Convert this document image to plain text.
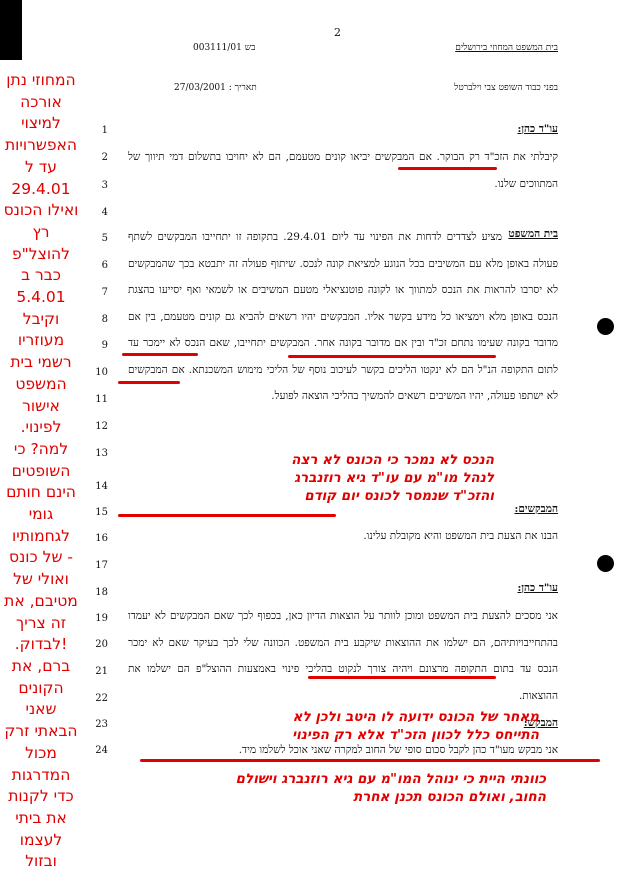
2
בית המשפט המחוזי בירושלים
בש 003111/01
בפני כבוד השופט צבי וילברטל
תאריך : 27/03/2001
המחוזי נתן
אורכה
למיצוי
האפשרויות
עד ל
29.4.01
ואילו הכונס
רץ להוצל"פ
כבר ב
5.4.01
וקיבל
מעוזריו
רשמי בית
המשפט
אישור
לפינוי.
למה? כי
השופטים
הינם חותם
גומי
לגחמותיו
- של כונס
ואולי של
מטיבם, את
זה צריך
!לבדוק.
ברם, את
הקונים שאני
הבאתי זרק
מכול
המדרגות
כדי לקנות
את ביתי
לעצמו ובזול
1
2
3
4
5
6
7
8
9
10
11
12
13
14
15
16
17
18
19
20
21
22
23
24
עו"ד כהן:
קיבלתי את הזכ"ד רק הבוקר. אם המבקשים יביאו קונים מטעמם, הם לא יחויבו בתשלום דמי תיווך של המתווכים שלנו.
בית המשפט
מציע לצדדים לדחות את הפינוי עד ליום 29.4.01. בתקופה זו יתחייבו המבקשים לשתף פעולה באופן מלא עם המשיבים בכל הנוגע למציאת קונה לנכס. שיתוף פעולה זה יתבטא בכך שהמבקשים לא יסרבו להראות את הנכס למתווך או לקונה פוטנציאלי מטעם המשיבים או לשמאי ואף יסייעו בהצגת הנכס באופן מלא וימציאו כל מידע בקשר אליו. המבקשים יהיו רשאים להביא גם קונים מטעמם, בין אם מדובר בקונה שעימו נתחם זכ"ד ובין אם מדובר בקונה אחר. המבקשים יתחייבו, שאם הנכס לא יימכר עד לתום התקופה הנ"ל הם לא ינקטו הליכים בקשר לעיכוב נוסף של הליכי מימוש המשכנתא. אם המבקשים לא ישתפו פעולה, יהיו המשיבים רשאים להמשיך בהליכי הוצאה לפועל.
המבקשים:
הבנו את הצעת בית המשפט והיא מקובלת עלינו.
עו"ד כהן:
אני מסכים להצעת בית המשפט ומוכן לוותר על הוצאות הדיון כאן, בכפוף לכך שאם המבקשים לא יעמדו בהתחייבויותיהם, הם ישלמו את ההוצאות שיקבע בית המשפט. הכוונה שלי לכך בעיקר שאם לא ימכר הנכס עד בתום התקופה מרצונם ויהיה צורך לנקוט בהליכי פינוי באמצעות ההוצל"פ הם ישלמו את ההוצאות.
המבקש:
אני מבקש מעו"ד כהן לקבל סכום סופי של החוב למקרה שאני אוכל לשלמו מיד.
הנכס לא נמכר כי הכונס לא רצה
לנהל מו"מ עם עו"ד גיא רוזנברג
והזכ"ד שנמסר לכונס יום קודם
מאחר של הכונס ידועה לו היטב ולכן לא
התייחס כלל לכוון הזכ"ד אלא רק הפינוי
כוונתי היית כי ינוהל המו"מ עם גיא רוזנברג וישולם
החוב, ואולם הכונס תכנן אחרת
